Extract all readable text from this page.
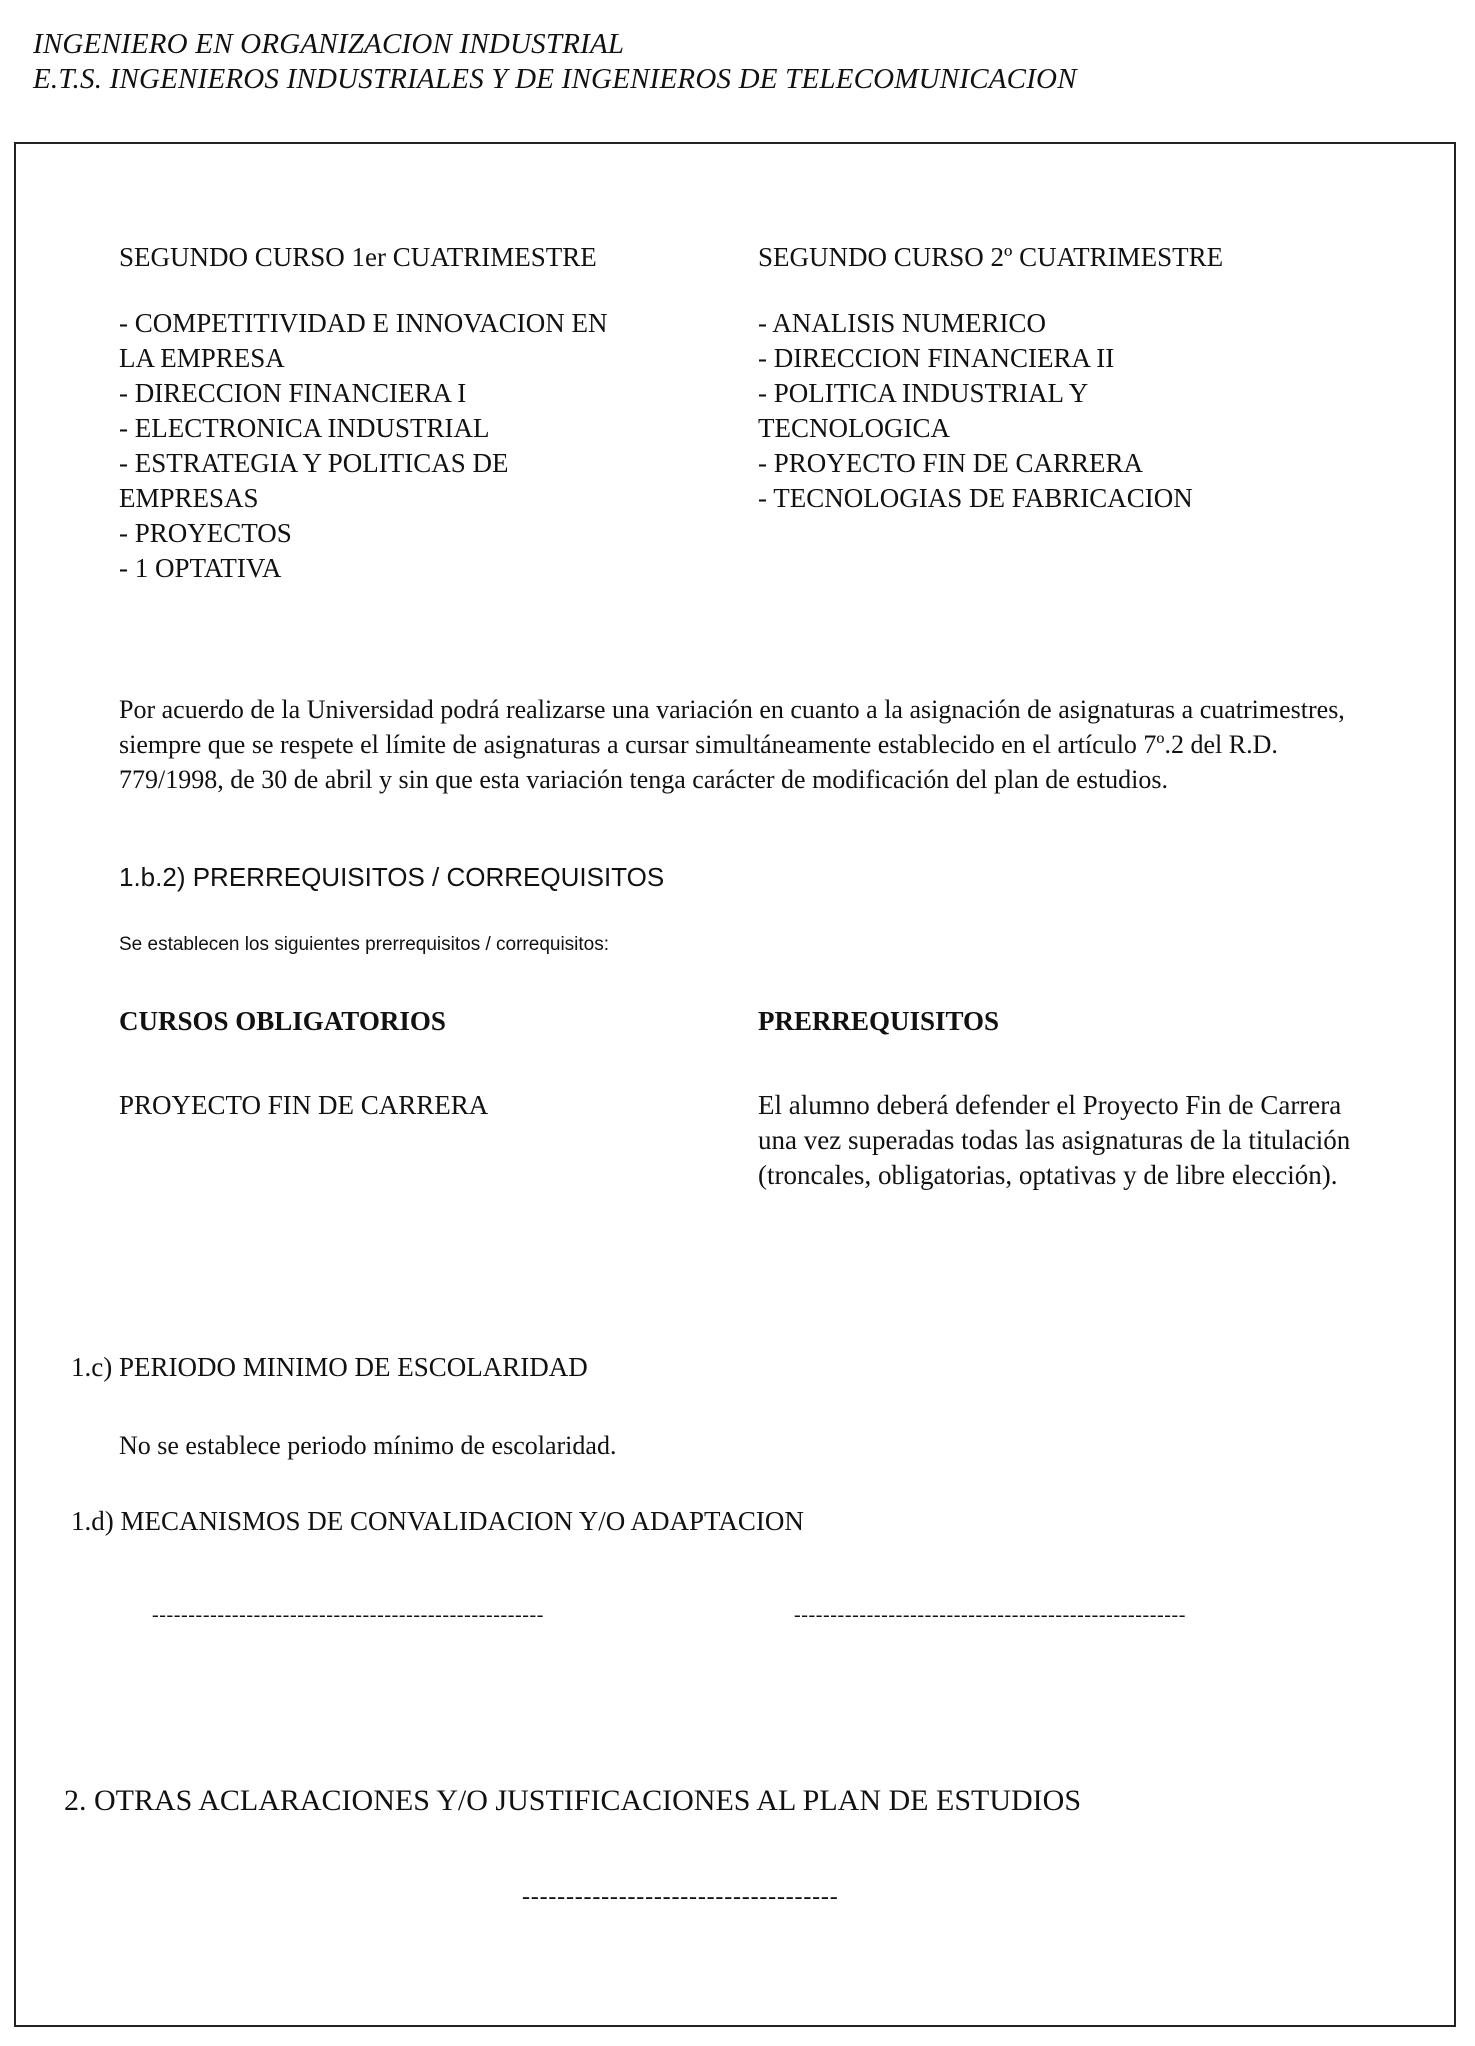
INGENIERO EN ORGANIZACION INDUSTRIAL
E.T.S. INGENIEROS INDUSTRIALES Y DE INGENIEROS DE TELECOMUNICACION
SEGUNDO CURSO 1er CUATRIMESTRE
- COMPETITIVIDAD E INNOVACION EN
LA EMPRESA
- DIRECCION FINANCIERA I
- ELECTRONICA INDUSTRIAL
- ESTRATEGIA Y POLITICAS DE
EMPRESAS
- PROYECTOS
- 1 OPTATIVA
SEGUNDO CURSO 2º CUATRIMESTRE
- ANALISIS NUMERICO
- DIRECCION FINANCIERA II
- POLITICA INDUSTRIAL Y
TECNOLOGICA
- PROYECTO FIN DE CARRERA
- TECNOLOGIAS DE FABRICACION
Por acuerdo de la Universidad podrá realizarse una variación en cuanto a la asignación de asignaturas a cuatrimestres, siempre que se respete el límite de asignaturas a cursar simultáneamente establecido en el artículo 7º.2 del R.D. 779/1998, de 30 de abril y sin que esta variación tenga carácter de modificación del plan de estudios.
1.b.2) PRERREQUISITOS / CORREQUISITOS
Se establecen los siguientes prerrequisitos / correquisitos:
CURSOS OBLIGATORIOS	PRERREQUISITOS
PROYECTO FIN DE CARRERA	El alumno deberá defender el Proyecto Fin de Carrera una vez superadas todas las asignaturas de la titulación (troncales, obligatorias, optativas y de libre elección).
1.c) PERIODO MINIMO DE ESCOLARIDAD
No se establece periodo mínimo de escolaridad.
1.d) MECANISMOS DE CONVALIDACION Y/O ADAPTACION
------------------------------------------------------	------------------------------------------------------
2. OTRAS ACLARACIONES Y/O JUSTIFICACIONES AL PLAN DE ESTUDIOS
------------------------------------
